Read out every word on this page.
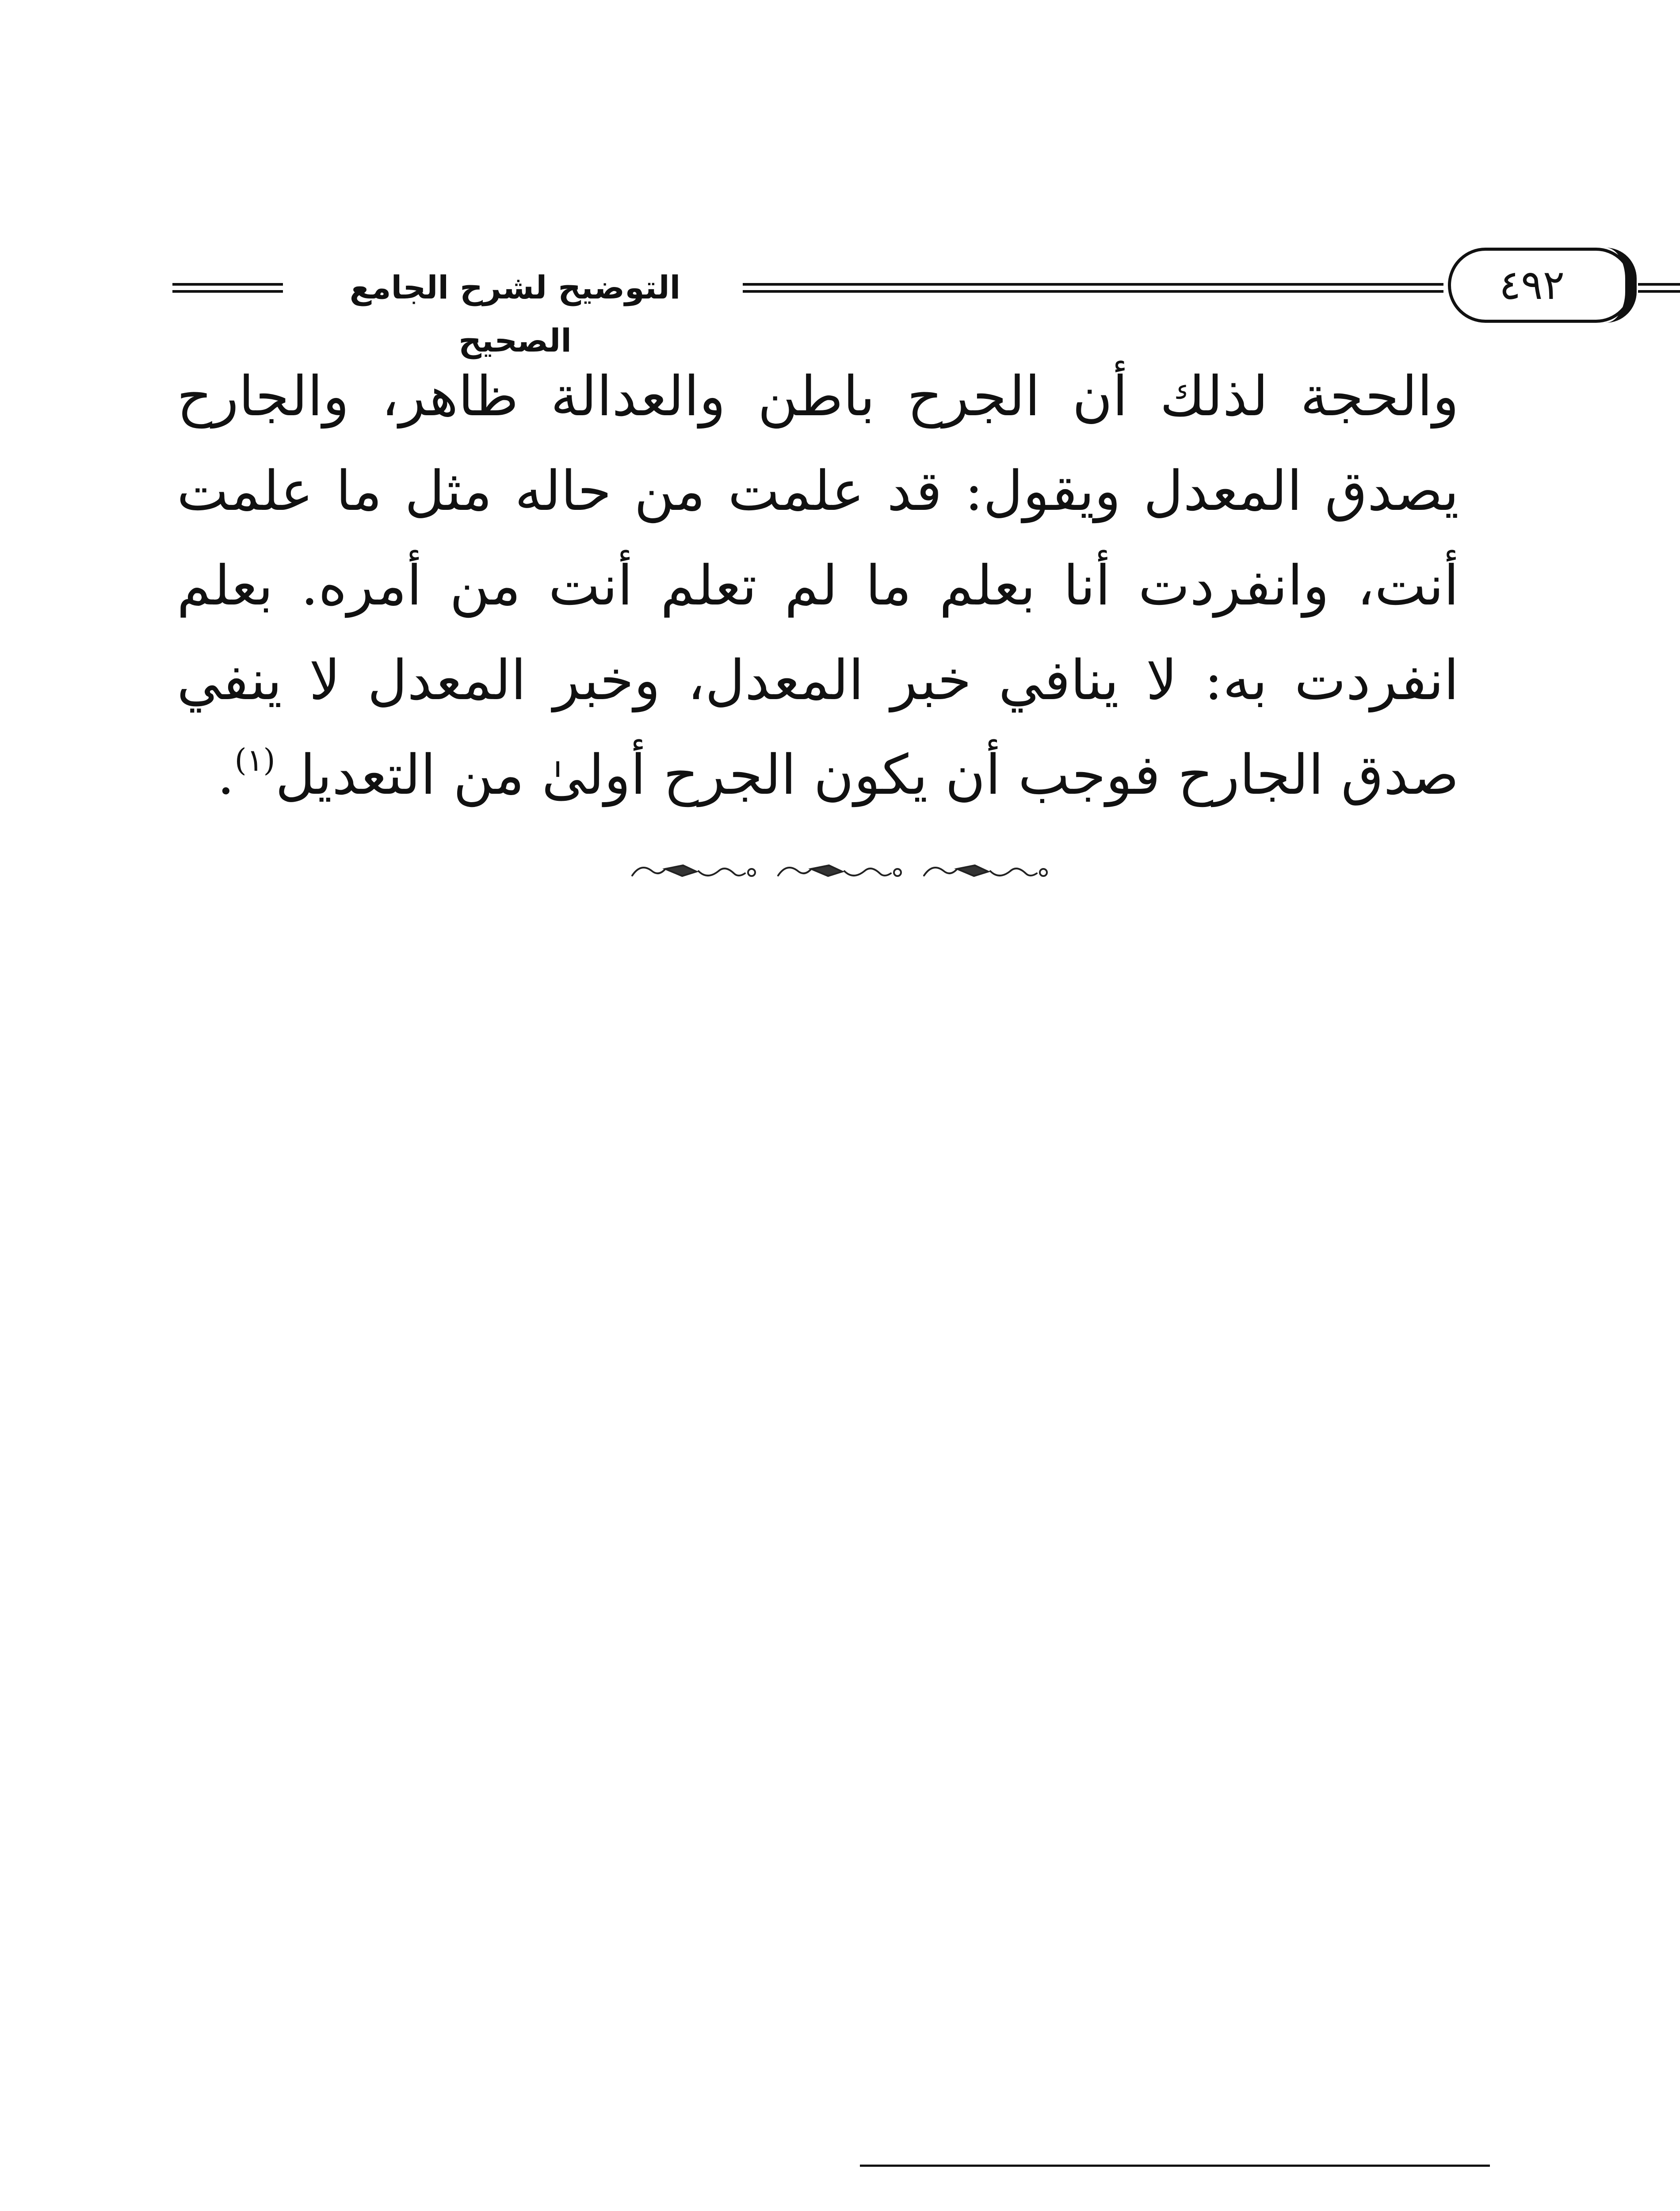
التوضيح لشرح الجامع الصحيح
٤٩٢
والحجة لذلك أن الجرح باطن والعدالة ظاهر، والجارح يصدق المعدل ويقول: قد علمت من حاله مثل ما علمت أنت، وانفردت أنا بعلم ما لم تعلم أنت من أمره. بعلم انفردت به: لا ينافي خبر المعدل، وخبر المعدل لا ينفي صدق الجارح فوجب أن يكون الجرح أولىٰ من التعديل$^{(١)}$.
